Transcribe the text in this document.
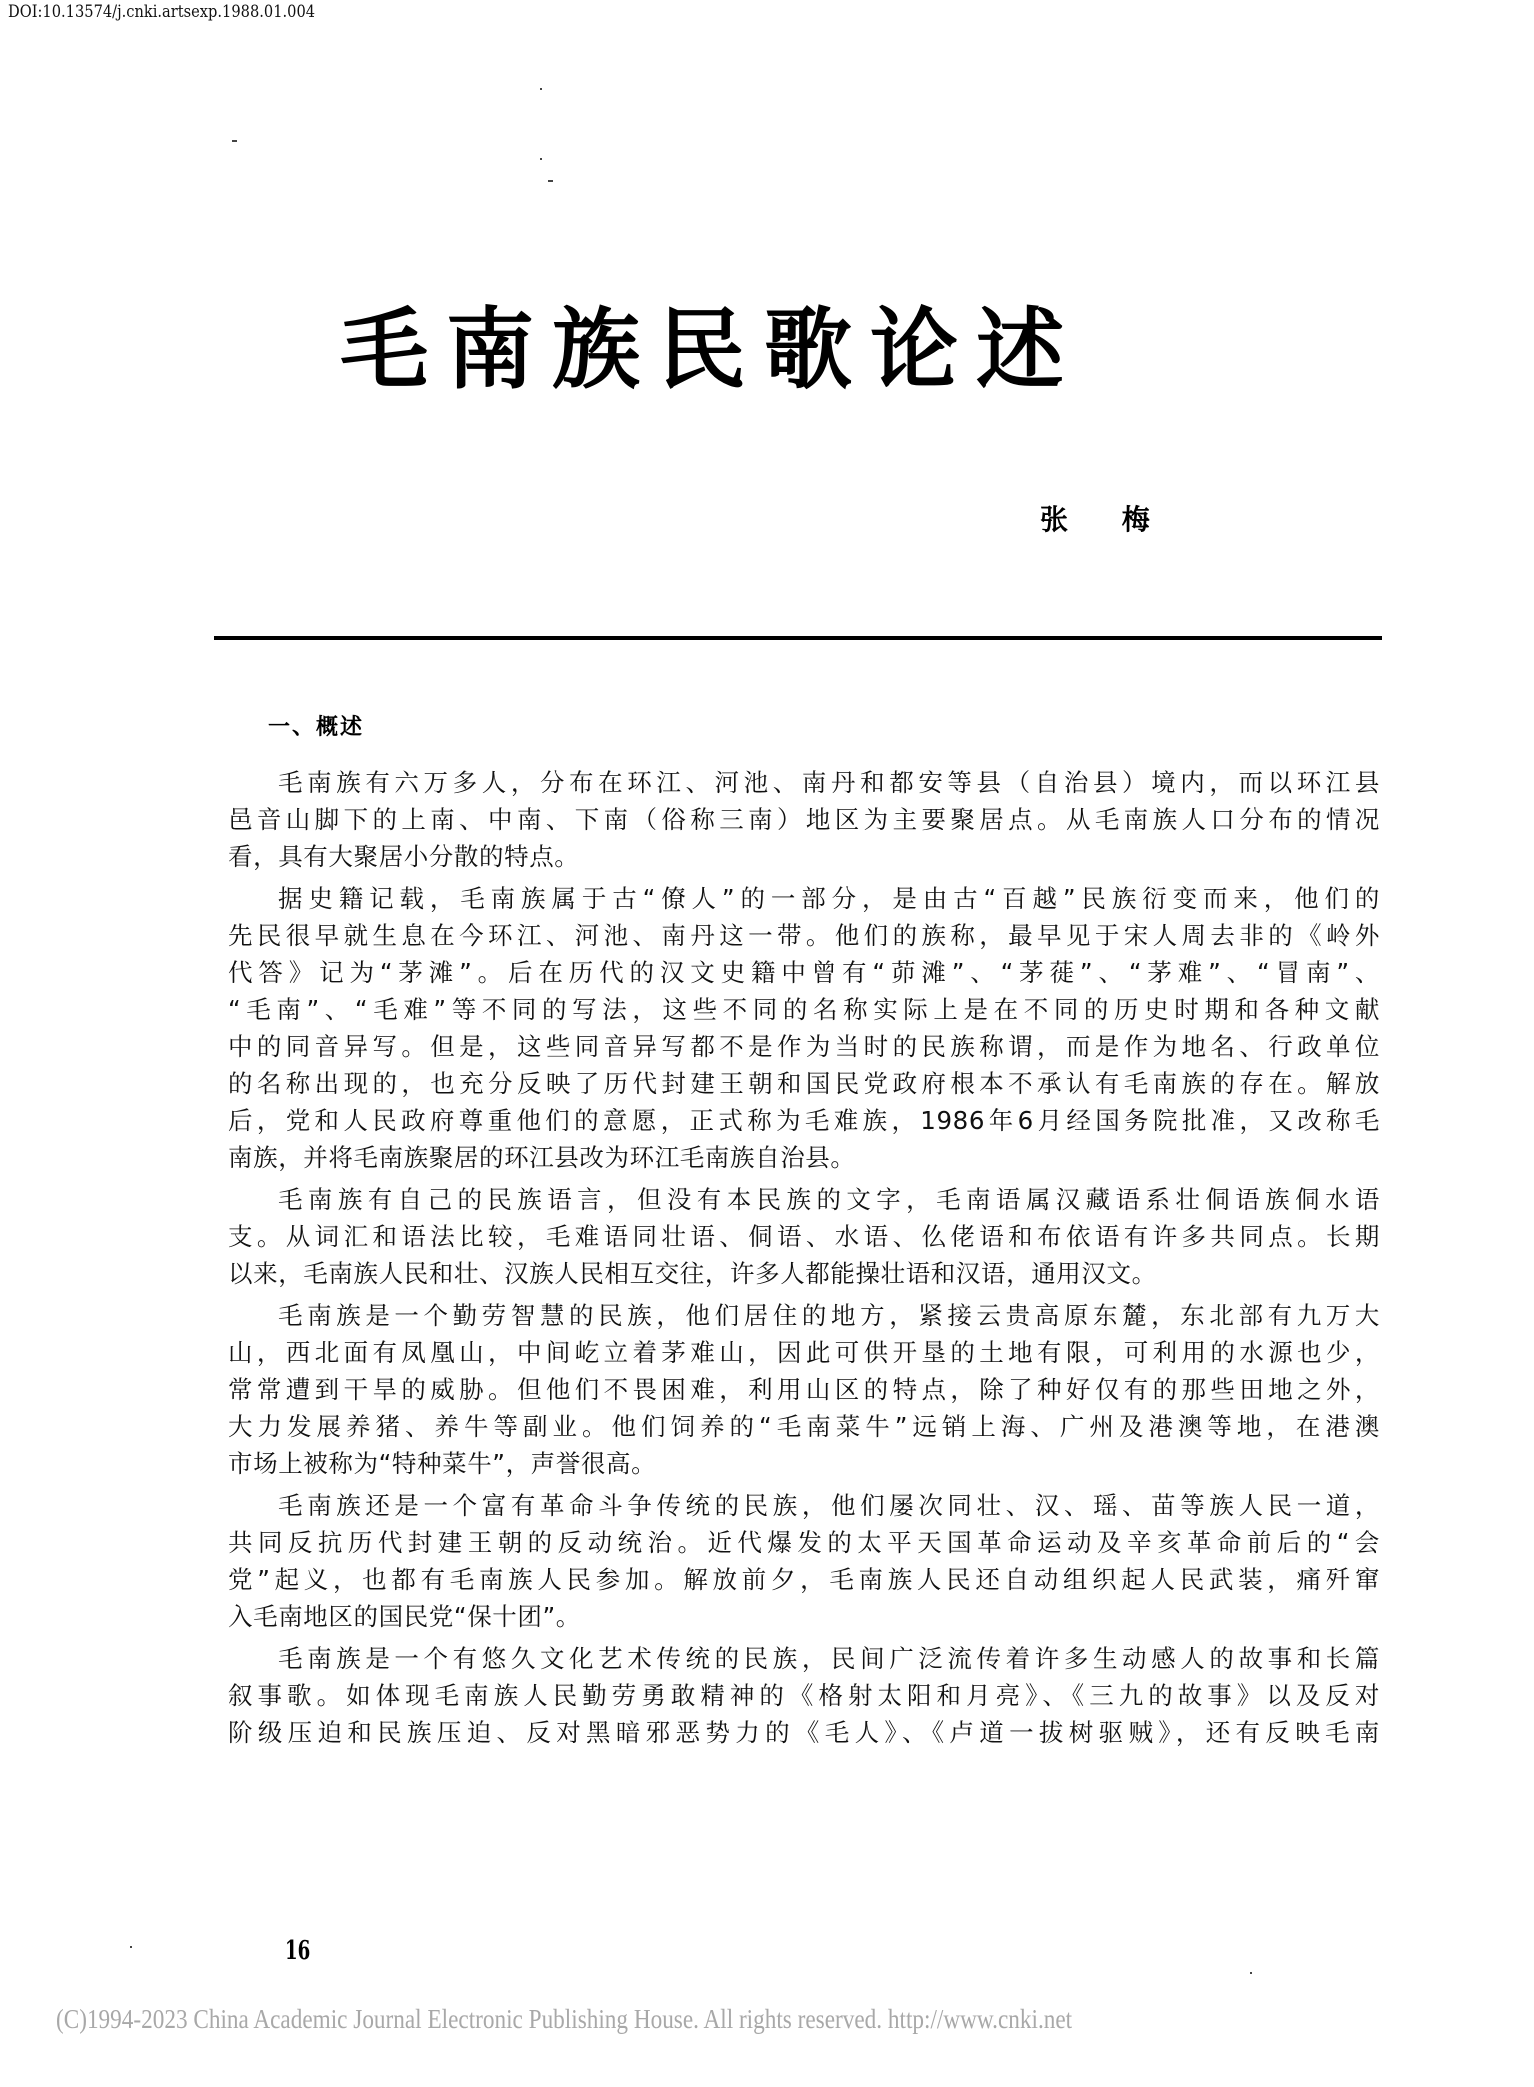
DOI:10.13574/j.cnki.artsexp.1988.01.004
毛南族民歌论述
张 梅
一、概述
毛南族有六万多人，分布在环江、河池、南丹和都安等县（自治县）境内，而以环江县
邑音山脚下的上南、中南、下南（俗称三南）地区为主要聚居点。从毛南族人口分布的情况
看，具有大聚居小分散的特点。
据史籍记载，毛南族属于古“僚人”的一部分，是由古“百越”民族衍变而来，他们的
先民很早就生息在今环江、河池、南丹这一带。他们的族称，最早见于宋人周去非的《岭外
代答》记为“茅滩”。后在历代的汉文史籍中曾有“茆滩”、“茅蓰”、“茅难”、“冒南”、
“毛南”、“毛难”等不同的写法，这些不同的名称实际上是在不同的历史时期和各种文献
中的同音异写。但是，这些同音异写都不是作为当时的民族称谓，而是作为地名、行政单位
的名称出现的，也充分反映了历代封建王朝和国民党政府根本不承认有毛南族的存在。解放
后，党和人民政府尊重他们的意愿，正式称为毛难族，1986年6月经国务院批准，又改称毛
南族，并将毛南族聚居的环江县改为环江毛南族自治县。
毛南族有自己的民族语言，但没有本民族的文字，毛南语属汉藏语系壮侗语族侗水语
支。从词汇和语法比较，毛难语同壮语、侗语、水语、仫佬语和布依语有许多共同点。长期
以来，毛南族人民和壮、汉族人民相互交往，许多人都能操壮语和汉语，通用汉文。
毛南族是一个勤劳智慧的民族，他们居住的地方，紧接云贵高原东麓，东北部有九万大
山，西北面有凤凰山，中间屹立着茅难山，因此可供开垦的土地有限，可利用的水源也少，
常常遭到干旱的威胁。但他们不畏困难，利用山区的特点，除了种好仅有的那些田地之外，
大力发展养猪、养牛等副业。他们饲养的“毛南菜牛”远销上海、广州及港澳等地，在港澳
市场上被称为“特种菜牛”，声誉很高。
毛南族还是一个富有革命斗争传统的民族，他们屡次同壮、汉、瑶、苗等族人民一道，
共同反抗历代封建王朝的反动统治。近代爆发的太平天国革命运动及辛亥革命前后的“会
党”起义，也都有毛南族人民参加。解放前夕，毛南族人民还自动组织起人民武装，痛歼窜
入毛南地区的国民党“保十团”。
毛南族是一个有悠久文化艺术传统的民族，民间广泛流传着许多生动感人的故事和长篇
叙事歌。如体现毛南族人民勤劳勇敢精神的《格射太阳和月亮》、《三九的故事》以及反对
阶级压迫和民族压迫、反对黑暗邪恶势力的《毛人》、《卢道一拔树驱贼》，还有反映毛南
16
(C)1994-2023 China Academic Journal Electronic Publishing House. All rights reserved. http://www.cnki.net
